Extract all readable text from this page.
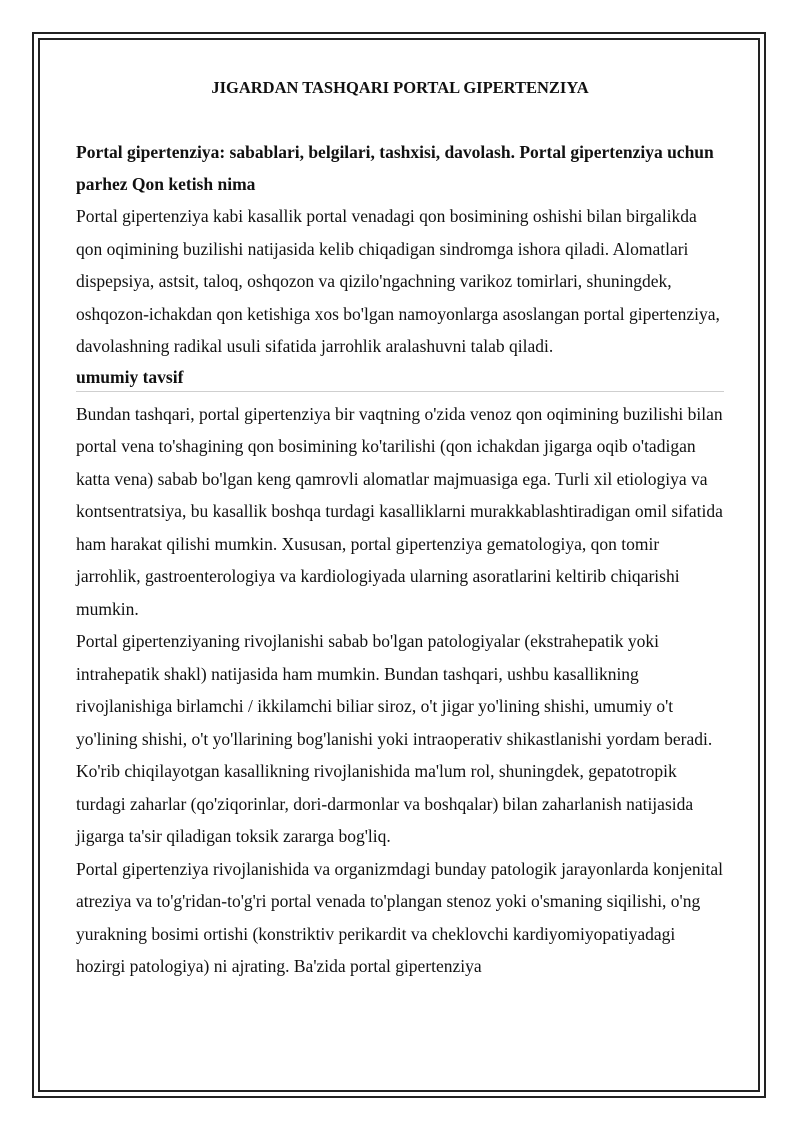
JIGARDAN TASHQARI PORTAL GIPERTENZIYA
Portal gipertenziya: sabablari, belgilari, tashxisi, davolash. Portal gipertenziya uchun parhez Qon ketish nima

Portal gipertenziya kabi kasallik portal venadagi qon bosimining oshishi bilan birgalikda qon oqimining buzilishi natijasida kelib chiqadigan sindromga ishora qiladi. Alomatlari dispepsiya, astsit, taloq, oshqozon va qizilo'ngachning varikoz tomirlari, shuningdek, oshqozon-ichakdan qon ketishiga xos bo'lgan namoyonlarga asoslangan portal gipertenziya, davolashning radikal usuli sifatida jarrohlik aralashuvni talab qiladi.

umumiy tavsif

Bundan tashqari, portal gipertenziya bir vaqtning o'zida venoz qon oqimining buzilishi bilan portal vena to'shagining qon bosimining ko'tarilishi (qon ichakdan jigarga oqib o'tadigan katta vena) sabab bo'lgan keng qamrovli alomatlar majmuasiga ega. Turli xil etiologiya va kontsentratsiya, bu kasallik boshqa turdagi kasalliklarni murakkablashtiradigan omil sifatida ham harakat qilishi mumkin. Xususan, portal gipertenziya gematologiya, qon tomir jarrohlik, gastroenterologiya va kardiologiyada ularning asoratlarini keltirib chiqarishi mumkin.

Portal gipertenziyaning rivojlanishi sabab bo'lgan patologiyalar (ekstrahepatik yoki intrahepatik shakl) natijasida ham mumkin. Bundan tashqari, ushbu kasallikning rivojlanishiga birlamchi / ikkilamchi biliar siroz, o't jigar yo'lining shishi, umumiy o't yo'lining shishi, o't yo'llarining bog'lanishi yoki intraoperativ shikastlanishi yordam beradi. Ko'rib chiqilayotgan kasallikning rivojlanishida ma'lum rol, shuningdek, gepatotropik turdagi zaharlar (qo'ziqorinlar, dori-darmonlar va boshqalar) bilan zaharlanish natijasida jigarga ta'sir qiladigan toksik zararga bog'liq.

Portal gipertenziya rivojlanishida va organizmdagi bunday patologik jarayonlarda konjenital atreziya va to'g'ridan-to'g'ri portal venada to'plangan stenoz yoki o'smaning siqilishi, o'ng yurakning bosimi ortishi (konstriktiv perikardit va cheklovchi kardiyomiyopatiyadagi hozirgi patologiya) ni ajrating. Ba'zida portal gipertenziya
